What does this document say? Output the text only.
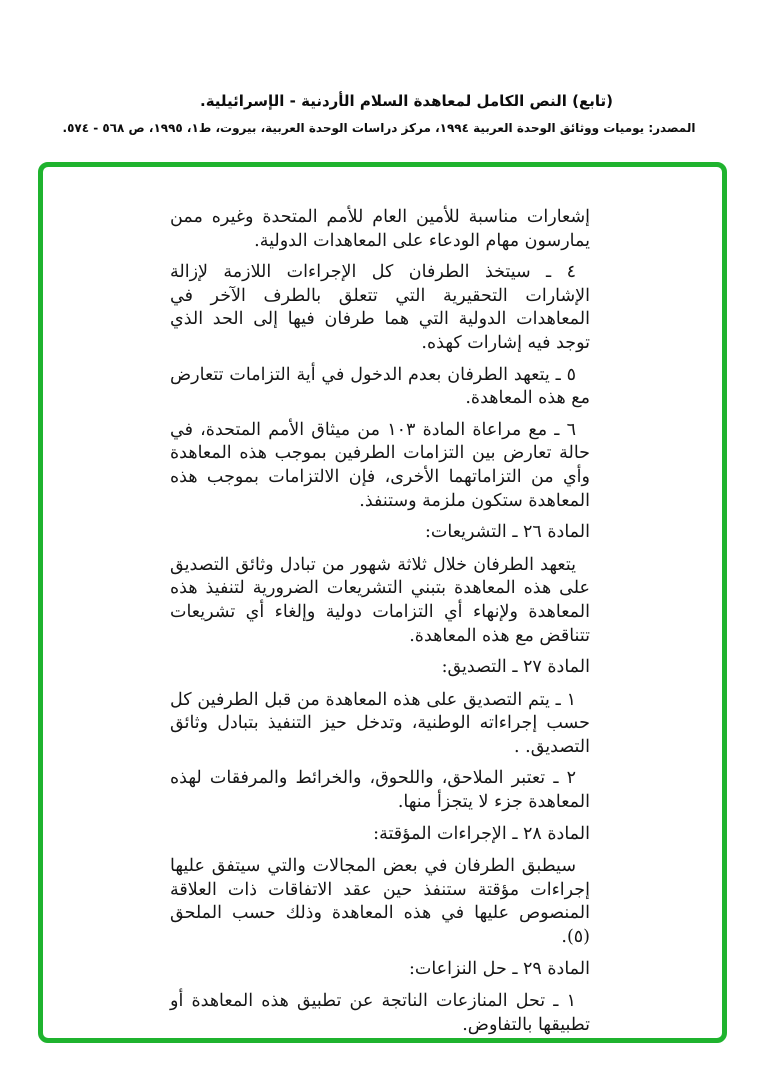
(تابع) النص الكامل لمعاهدة السلام الأردنية - الإسرائيلية.
المصدر: يوميات ووثائق الوحدة العربية ١٩٩٤، مركز دراسات الوحدة العربية، بيروت، ط١، ١٩٩٥، ص ٥٦٨ - ٥٧٤.

إشعارات مناسبة للأمين العام للأمم المتحدة وغيره ممن يمارسون مهام الودعاء على المعاهدات الدولية.

٤ ـ سيتخذ الطرفان كل الإجراءات اللازمة لإزالة الإشارات التحقيرية التي تتعلق بالطرف الآخر في المعاهدات الدولية التي هما طرفان فيها إلى الحد الذي توجد فيه إشارات كهذه.

٥ ـ يتعهد الطرفان بعدم الدخول في أية التزامات تتعارض مع هذه المعاهدة.

٦ ـ مع مراعاة المادة ١٠٣ من ميثاق الأمم المتحدة، في حالة تعارض بين التزامات الطرفين بموجب هذه المعاهدة وأي من التزاماتهما الأخرى، فإن الالتزامات بموجب هذه المعاهدة ستكون ملزمة وستنفذ.

المادة ٢٦ ـ التشريعات:

يتعهد الطرفان خلال ثلاثة شهور من تبادل وثائق التصديق على هذه المعاهدة بتبني التشريعات الضرورية لتنفيذ هذه المعاهدة ولإنهاء أي التزامات دولية وإلغاء أي تشريعات تتناقض مع هذه المعاهدة.

المادة ٢٧ ـ التصديق:

١ ـ يتم التصديق على هذه المعاهدة من قبل الطرفين كل حسب إجراءاته الوطنية، وتدخل حيز التنفيذ بتبادل وثائق التصديق. .

٢ ـ تعتبر الملاحق، واللحوق، والخرائط والمرفقات لهذه المعاهدة جزء لا يتجزأ منها.

المادة ٢٨ ـ الإجراءات المؤقتة:

سيطبق الطرفان في بعض المجالات والتي سيتفق عليها إجراءات مؤقتة ستنفذ حين عقد الاتفاقات ذات العلاقة المنصوص عليها في هذه المعاهدة وذلك حسب الملحق (٥).

المادة ٢٩ ـ حل النزاعات:

١ ـ تحل المنازعات الناتجة عن تطبيق هذه المعاهدة أو تطبيقها بالتفاوض.
